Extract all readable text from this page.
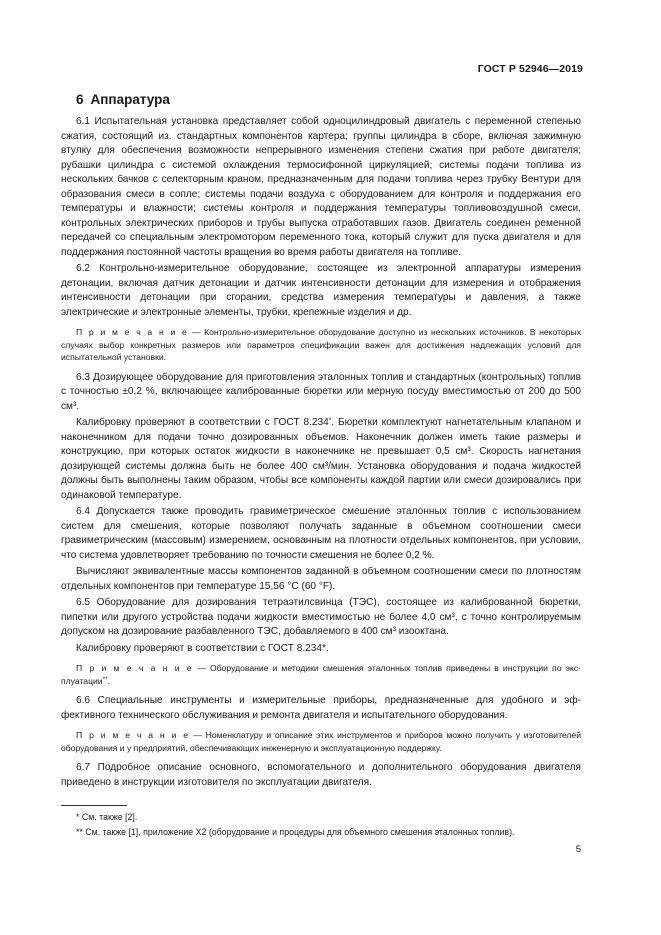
ГОСТ Р 52946—2019
6 Аппаратура

6.1 Испытательная установка представляет собой одноцилиндровый двигатель с переменной степенью сжатия, состоящий из. стандартных компонентов картера; группы цилиндра в сборе, включая зажимную втулку для обеспечения возможности непрерывного изменения степени сжатия при работе двигателя; рубашки цилиндра с системой охлаждения термосифонной циркуляцией; системы подачи топлива из нескольких бачков с селекторным краном, предназначенным для подачи топлива через трубку Вентури для образования смеси в сопле; системы подачи воздуха с оборудованием для контроля и поддержания его температуры и влажности; системы контроля и поддержания температуры топливовоздушной смеси, контрольных электрических приборов и трубы выпуска отработавших газов. Двигатель соединен ременной передачей со специальным электромотором переменного тока, который служит для пуска двигателя и для поддержания постоянной частоты вращения во время работы двигателя на топливе.

6.2 Контрольно-измерительное оборудование, состоящее из электронной аппаратуры измерения детонации, включая датчик детонации и датчик интенсивности детонации для измерения и отображения интенсивности детонации при сгорании, средства измерения температуры и давления, а также электрические и электронные элементы, трубки, крепежные изделия и др.

П р и м е ч а н и е — Контрольно-измерительное оборудование доступно из нескольких источников. В некоторых случаях выбор конкретных размеров или параметров спецификации важен для достижения надлежащих условий для испытательной установки.

6.3 Дозирующее оборудование для приготовления эталонных топлив и стандартных (контрольных) топлив с точностью ±0,2 %, включающее калиброванные бюретки или мерную посуду вместимостью от 200 до 500 см³.

Калибровку проверяют в соответствии с ГОСТ 8.234*. Бюретки комплектуют нагнетательным клапаном и наконечником для подачи точно дозированных объемов. Наконечник должен иметь такие размеры и конструкцию, при которых остаток жидкости в наконечнике не превышает 0,5 см³. Скорость нагнетания дозирующей системы должна быть не более 400 см³/мин. Установка оборудования и подача жидкостей должны быть выполнены таким образом, чтобы все компоненты каждой партии или смеси дозировались при одинаковой температуре.

6.4 Допускается также проводить гравиметрическое смешение эталонных топлив с использованием систем для смешения, которые позволяют получать заданные в объемном соотношении смеси гравиметрическим (массовым) измерением, основанным на плотности отдельных компонентов, при условии, что система удовлетворяет требованию по точности смешения не более 0,2 %.

Вычисляют эквивалентные массы компонентов заданной в объемном соотношении смеси по плотностям отдельных компонентов при температуре 15,56 °С (60 °F).

6.5 Оборудование для дозирования тетраэтилсвинца (ТЭС), состоящее из калиброванной бюретки, пипетки или другого устройства подачи жидкости вместимостью не более 4,0 см³, с точно контролируемым допуском на дозирование разбавленного ТЭС, добавляемого в 400 см³ изооктана.

Калибровку проверяют в соответствии с ГОСТ 8.234*.

П р и м е ч а н и е — Оборудование и методики смешения эталонных топлив приведены в инструкции по эксплуатации**.

6.6 Специальные инструменты и измерительные приборы, предназначенные для удобного и эффективного технического обслуживания и ремонта двигателя и испытательного оборудования.

П р и м е ч а н и е — Номенклатуру и описание этих инструментов и приборов можно получить у изготовителей оборудования и у предприятий, обеспечивающих инженерную и эксплуатационную поддержку.

6.7 Подробное описание основного, вспомогательного и дополнительного оборудования двигателя приведено в инструкции изготовителя по эксплуатации двигателя.

* См. также [2].
** См. также [1], приложение Х2 (оборудование и процедуры для объемного смешения эталонных топлив).
5
